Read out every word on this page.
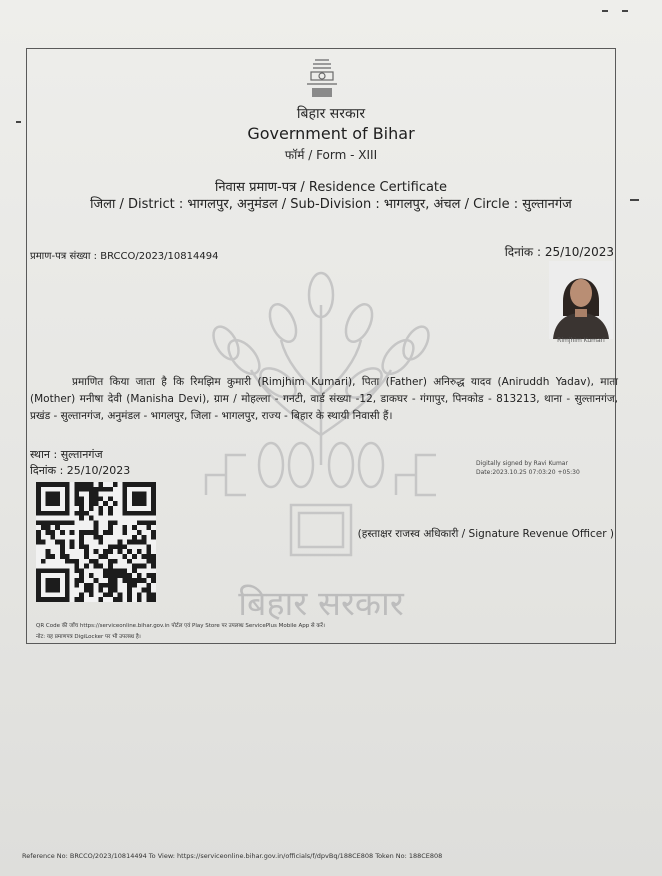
बिहार सरकार
बिहार सरकार
Government of Bihar
फॉर्म / Form - XIII
निवास प्रमाण-पत्र / Residence Certificate
जिला / District : भागलपुर, अनुमंडल / Sub-Division : भागलपुर, अंचल / Circle : सुल्तानगंज
प्रमाण-पत्र संख्या : BRCCO/2023/10814494	दिनांक : 25/10/2023
Rimjhim Kumari
प्रमाणित किया जाता है कि रिमझिम कुमारी (Rimjhim Kumari), पिता (Father) अनिरुद्ध यादव (Aniruddh Yadav), माता (Mother) मनीषा देवी (Manisha Devi), ग्राम / मोहल्ला - गनटी, वार्ड संख्या -12, डाकघर - गंगापुर, पिनकोड - 813213, थाना - सुल्तानगंज, प्रखंड - सुल्तानगंज, अनुमंडल - भागलपुर, जिला - भागलपुर, राज्य - बिहार के स्थायी निवासी हैं।
स्थान : सुल्तानगंज
दिनांक : 25/10/2023
Digitally signed by Ravi Kumar
Date:2023.10.25 07:03:20 +05:30
(हस्ताक्षर राजस्व अधिकारी / Signature Revenue Officer )
QR Code की जाँच https://serviceonline.bihar.gov.in पोर्टल एवं Play Store पर उपलब्ध ServicePlus Mobile App से करें।
नोट: यह प्रमाणपत्र DigiLocker पर भी उपलब्ध है।
Reference No: BRCCO/2023/10814494 To View: https://serviceonline.bihar.gov.in/officials/f/dpvBq/188CE808 Token No: 188CE808
